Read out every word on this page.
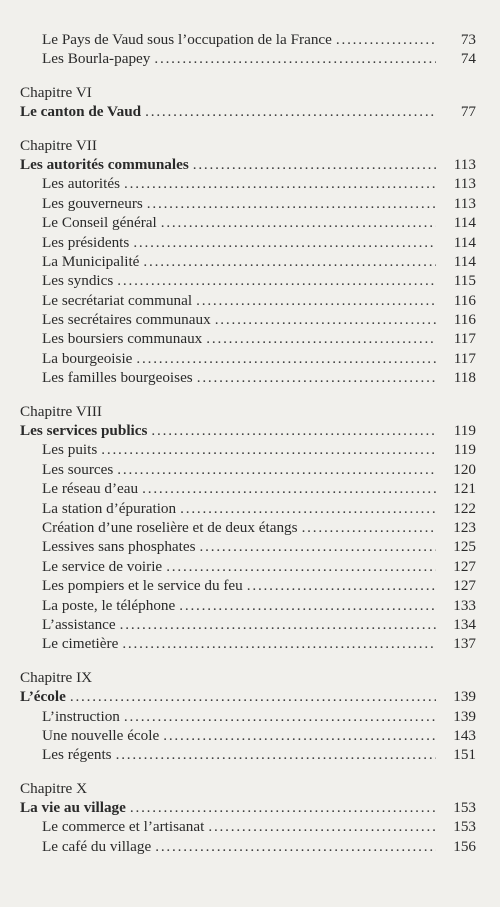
Le Pays de Vaud sous l’occupation de la France . . .	73
Les Bourla-papey . . .	74
Chapitre VI
Le canton de Vaud . . .	77
Chapitre VII
Les autorités communales . . .	113
Les autorités . . .	113
Les gouverneurs . . .	113
Le Conseil général . . .	114
Les présidents . . .	114
La Municipalité . . .	114
Les syndics . . .	115
Le secrétariat communal . . .	116
Les secrétaires communaux . . .	116
Les boursiers communaux . . .	117
La bourgeoisie . . .	117
Les familles bourgeoises . . .	118
Chapitre VIII
Les services publics . . .	119
Les puits . . .	119
Les sources . . .	120
Le réseau d’eau . . .	121
La station d’épuration . . .	122
Création d’une roselière et de deux étangs . . .	123
Lessives sans phosphates . . .	125
Le service de voirie . . .	127
Les pompiers et le service du feu . . .	127
La poste, le téléphone . . .	133
L’assistance . . .	134
Le cimetière . . .	137
Chapitre IX
L’école . . .	139
L’instruction . . .	139
Une nouvelle école . . .	143
Les régents . . .	151
Chapitre X
La vie au village . . .	153
Le commerce et l’artisanat . . .	153
Le café du village . . .	156
